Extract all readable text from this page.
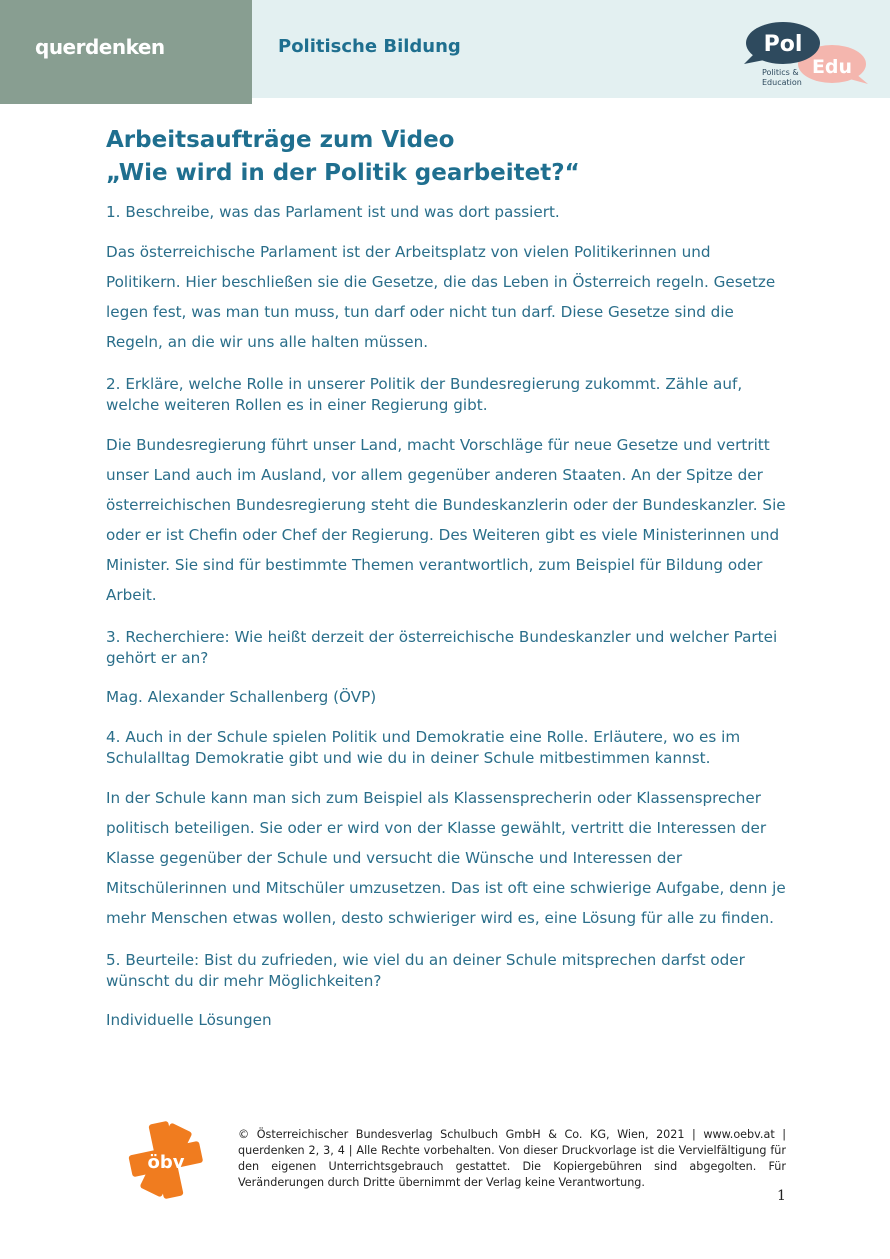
querdenken	Politische Bildung	Pol
Edu
Politics &
Education
Arbeitsaufträge zum Video
„Wie wird in der Politik gearbeitet?“

1. Beschreibe, was das Parlament ist und was dort passiert.

Das österreichische Parlament ist der Arbeitsplatz von vielen Politikerinnen und Politikern. Hier beschließen sie die Gesetze, die das Leben in Österreich regeln. Gesetze legen fest, was man tun muss, tun darf oder nicht tun darf. Diese Gesetze sind die Regeln, an die wir uns alle halten müssen.

2. Erkläre, welche Rolle in unserer Politik der Bundesregierung zukommt. Zähle auf, welche weiteren Rollen es in einer Regierung gibt.

Die Bundesregierung führt unser Land, macht Vorschläge für neue Gesetze und vertritt unser Land auch im Ausland, vor allem gegenüber anderen Staaten. An der Spitze der österreichischen Bundesregierung steht die Bundeskanzlerin oder der Bundeskanzler. Sie oder er ist Chefin oder Chef der Regierung. Des Weiteren gibt es viele Ministerinnen und Minister. Sie sind für bestimmte Themen verantwortlich, zum Beispiel für Bildung oder Arbeit.

3. Recherchiere: Wie heißt derzeit der österreichische Bundeskanzler und welcher Partei gehört er an?

Mag. Alexander Schallenberg (ÖVP)

4. Auch in der Schule spielen Politik und Demokratie eine Rolle. Erläutere, wo es im Schulalltag Demokratie gibt und wie du in deiner Schule mitbestimmen kannst.

In der Schule kann man sich zum Beispiel als Klassensprecherin oder Klassensprecher politisch beteiligen. Sie oder er wird von der Klasse gewählt, vertritt die Interessen der Klasse gegenüber der Schule und versucht die Wünsche und Interessen der Mitschülerinnen und Mitschüler umzusetzen. Das ist oft eine schwierige Aufgabe, denn je mehr Menschen etwas wollen, desto schwieriger wird es, eine Lösung für alle zu finden.

5. Beurteile: Bist du zufrieden, wie viel du an deiner Schule mitsprechen darfst oder wünscht du dir mehr Möglichkeiten?

Individuelle Lösungen

öbv
© Österreichischer Bundesverlag Schulbuch GmbH & Co. KG, Wien, 2021 | www.oebv.at | querdenken 2, 3, 4 | Alle Rechte vorbehalten. Von dieser Druckvorlage ist die Vervielfältigung für den eigenen Unterrichtsgebrauch gestattet. Die Kopiergebühren sind abgegolten. Für Veränderungen durch Dritte übernimmt der Verlag keine Verantwortung.
1
